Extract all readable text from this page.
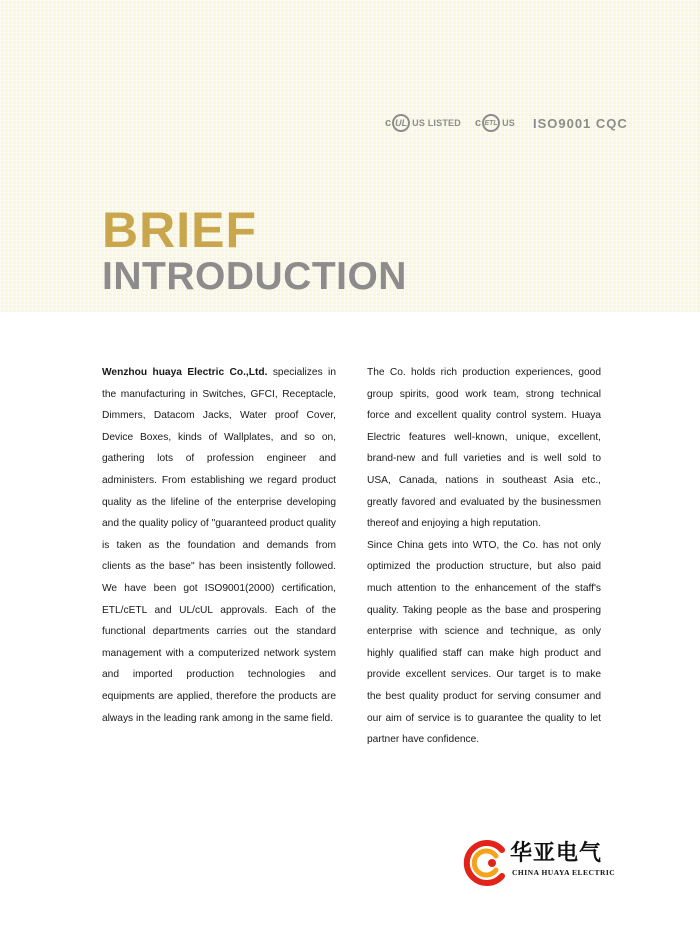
c UL US LISTED c ETL US ISO9001 CQC
BRIEF
INTRODUCTION

Wenzhou huaya Electric Co.,Ltd. specializes in the manufacturing in Switches, GFCI, Receptacle, Dimmers, Datacom Jacks, Water proof Cover, Device Boxes, kinds of Wallplates, and so on, gathering lots of profession engineer and administers. From establishing we regard product quality as the lifeline of the enterprise developing and the quality policy of "guaranteed product quality is taken as the foundation and demands from clients as the base" has been insistently followed. We have been got ISO9001(2000) certification, ETL/cETL and UL/cUL approvals. Each of the functional departments carries out the standard management with a computerized network system and imported production technologies and equipments are applied, therefore the products are always in the leading rank among in the same field.

The Co. holds rich production experiences, good group spirits, good work team, strong technical force and excellent quality control system. Huaya Electric features well-known, unique, excellent, brand-new and full varieties and is well sold to USA, Canada, nations in southeast Asia etc., greatly favored and evaluated by the businessmen thereof and enjoying a high reputation.

Since China gets into WTO, the Co. has not only optimized the production structure, but also paid much attention to the enhancement of the staff's quality. Taking people as the base and prospering enterprise with science and technique, as only highly qualified staff can make high product and provide excellent services. Our target is to make the best quality product for serving consumer and our aim of service is to guarantee the quality to let partner have confidence.

华亚电气
CHINA HUAYA ELECTRIC
